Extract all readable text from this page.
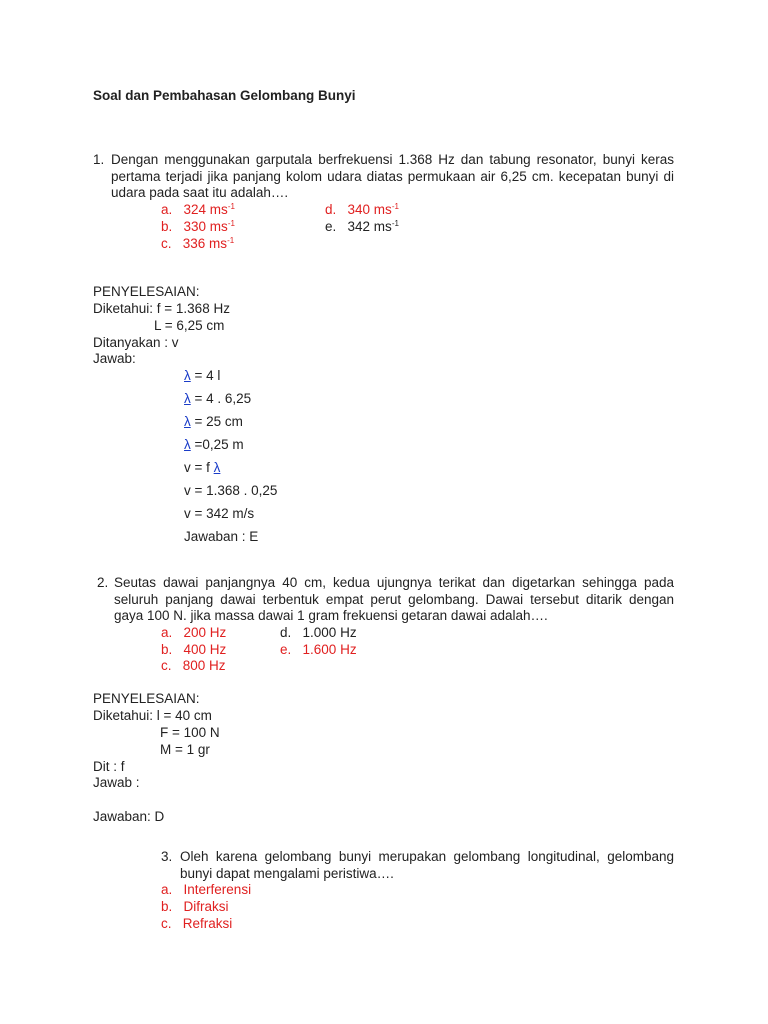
Soal dan Pembahasan Gelombang Bunyi
1. Dengan menggunakan garputala berfrekuensi 1.368 Hz dan tabung resonator, bunyi keras pertama terjadi jika panjang kolom udara diatas permukaan air 6,25 cm. kecepatan bunyi di udara pada saat itu adalah….
a. 324 $ms^{-1}$
b. 330 $ms^{-1}$
c. 336 $ms^{-1}$
d. 340 $ms^{-1}$
e. 342 $ms^{-1}$
PENYELESAIAN:
Diketahui: f = 1.368 Hz
L = 6,25 cm
Ditanyakan : v
Jawab:
λ = 4 l
λ = 4 . 6,25
λ = 25 cm
λ =0,25 m
v = f λ
v = 1.368 . 0,25
v = 342 m/s
Jawaban : E
2. Seutas dawai panjangnya 40 cm, kedua ujungnya terikat dan digetarkan sehingga pada seluruh panjang dawai terbentuk empat perut gelombang. Dawai tersebut ditarik dengan gaya 100 N. jika massa dawai 1 gram frekuensi getaran dawai adalah….
a. 200 Hz
b. 400 Hz
c. 800 Hz
d. 1.000 Hz
e. 1.600 Hz
PENYELESAIAN:
Diketahui: l = 40 cm
F = 100 N
M = 1 gr
Dit : f
Jawab :
Jawaban: D
3. Oleh karena gelombang bunyi merupakan gelombang longitudinal, gelombang bunyi dapat mengalami peristiwa….
a. Interferensi
b. Difraksi
c. Refraksi
